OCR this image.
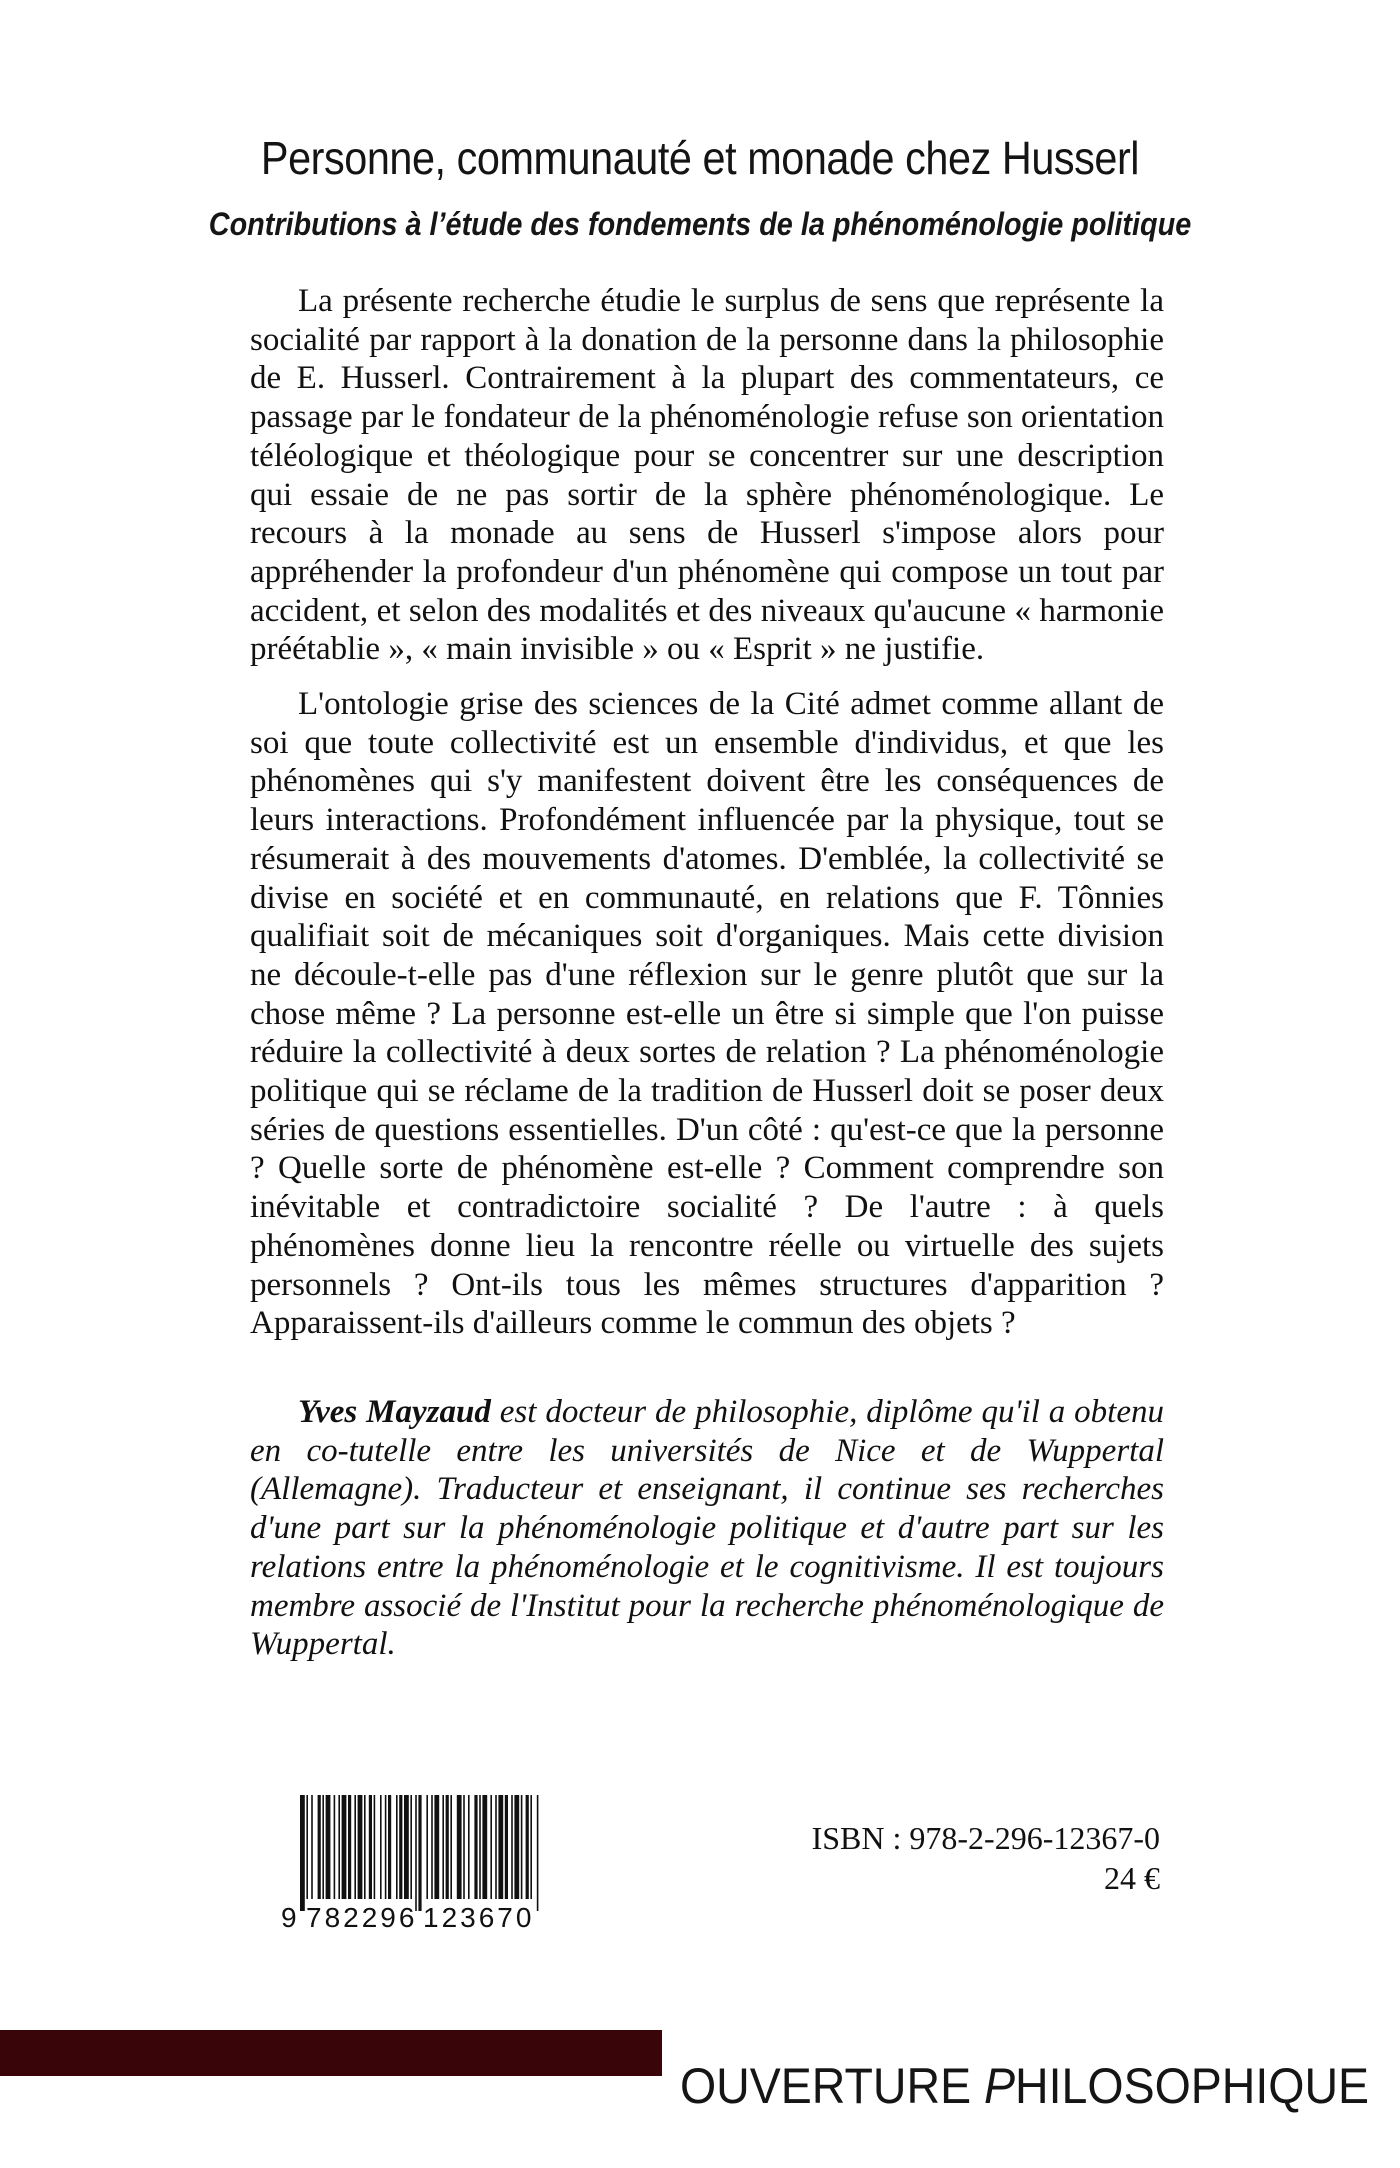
Personne, communauté et monade chez Husserl
Contributions à l’étude des fondements de la phénoménologie politique

La présente recherche étudie le surplus de sens que représente la socialité par rapport à la donation de la personne dans la philosophie de E. Husserl. Contrairement à la plupart des commentateurs, ce passage par le fondateur de la phénoménologie refuse son orientation téléologique et théologique pour se concentrer sur une description qui essaie de ne pas sortir de la sphère phénoménologique. Le recours à la monade au sens de Husserl s'impose alors pour appréhender la profondeur d'un phénomène qui compose un tout par accident, et selon des modalités et des niveaux qu'aucune « harmonie préétablie », « main invisible » ou « Esprit » ne justifie.

L'ontologie grise des sciences de la Cité admet comme allant de soi que toute collectivité est un ensemble d'individus, et que les phénomènes qui s'y manifestent doivent être les conséquences de leurs interactions. Profondément influencée par la physique, tout se résumerait à des mouvements d'atomes. D'emblée, la collectivité se divise en société et en communauté, en relations que F. Tônnies qualifiait soit de mécaniques soit d'organiques. Mais cette division ne découle-t-elle pas d'une réflexion sur le genre plutôt que sur la chose même ? La personne est-elle un être si simple que l'on puisse réduire la collectivité à deux sortes de relation ? La phénoménologie politique qui se réclame de la tradition de Husserl doit se poser deux séries de questions essentielles. D'un côté : qu'est-ce que la personne ? Quelle sorte de phénomène est-elle ? Comment comprendre son inévitable et contradictoire socialité ? De l'autre : à quels phénomènes donne lieu la rencontre réelle ou virtuelle des sujets personnels ? Ont-ils tous les mêmes structures d'apparition ? Apparaissent-ils d'ailleurs comme le commun des objets ?

Yves Mayzaud est docteur de philosophie, diplôme qu'il a obtenu en co-tutelle entre les universités de Nice et de Wuppertal (Allemagne). Traducteur et enseignant, il continue ses recherches d'une part sur la phénoménologie politique et d'autre part sur les relations entre la phénoménologie et le cognitivisme. Il est toujours membre associé de l'Institut pour la recherche phénoménologique de Wuppertal.

9 782296 123670
ISBN : 978-2-296-12367-0
24 €
OUVERTURE PHILOSOPHIQUE
